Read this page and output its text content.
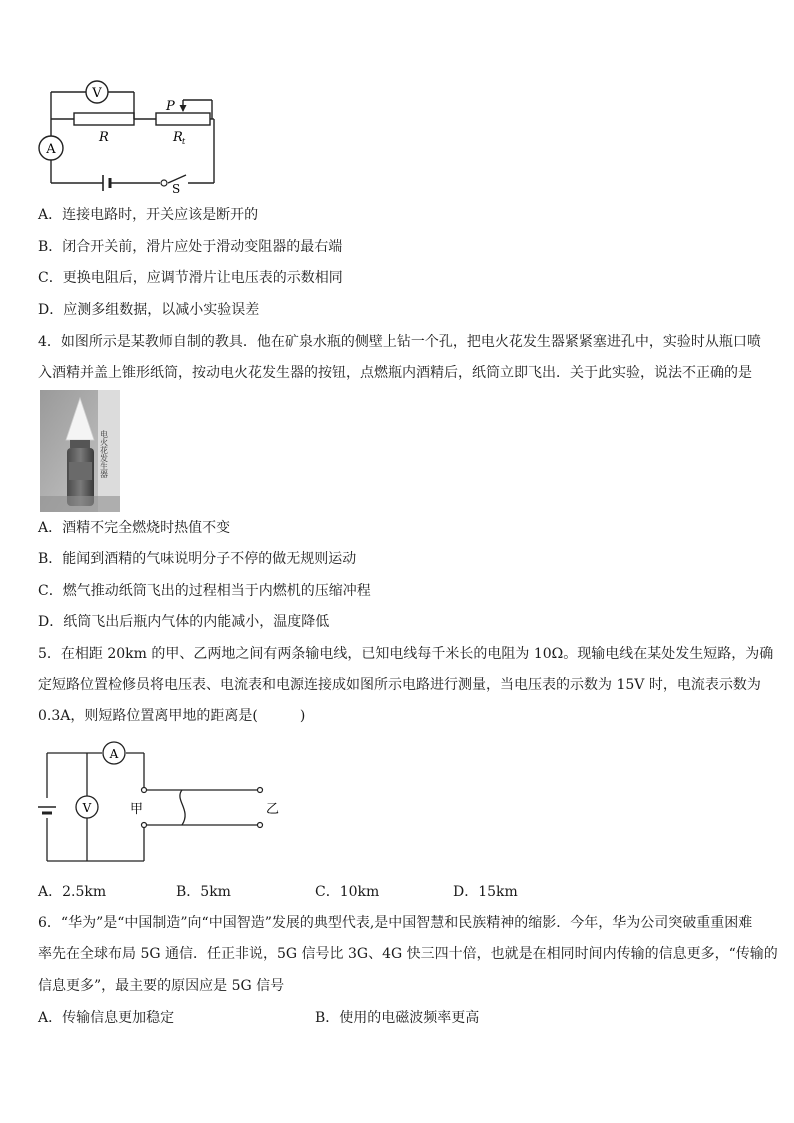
V
A
R
P
R t
S
A．连接电路时，开关应该是断开的
B．闭合开关前，滑片应处于滑动变阻器的最右端
C．更换电阻后，应调节滑片让电压表的示数相同
D．应测多组数据，以减小实验误差
4．如图所示是某教师自制的教具．他在矿泉水瓶的侧壁上钻一个孔，把电火花发生器紧紧塞进孔中，实验时从瓶口喷
入酒精并盖上锥形纸筒，按动电火花发生器的按钮，点燃瓶内酒精后，纸筒立即飞出．关于此实验，说法不正确的是
电火花发生器
A．酒精不完全燃烧时热值不变
B．能闻到酒精的气味说明分子不停的做无规则运动
C．燃气推动纸筒飞出的过程相当于内燃机的压缩冲程
D．纸筒飞出后瓶内气体的内能减小，温度降低
5．在相距 20km 的甲、乙两地之间有两条输电线，已知电线每千米长的电阻为 10Ω。现输电线在某处发生短路，为确
定短路位置检修员将电压表、电流表和电源连接成如图所示电路进行测量，当电压表的示数为 15V 时，电流表示数为
0.3A，则短路位置离甲地的距离是(　　　)
A
V	甲	乙
A．2.5km	B．5km	C．10km	D．15km
6．“华为”是“中国制造”向“中国智造”发展的典型代表,是中国智慧和民族精神的缩影．今年，华为公司突破重重困难
率先在全球布局 5G 通信．任正非说，5G 信号比 3G、4G 快三四十倍，也就是在相同时间内传输的信息更多，“传输的
信息更多”，最主要的原因应是 5G 信号
A．传输信息更加稳定	B．使用的电磁波频率更高
